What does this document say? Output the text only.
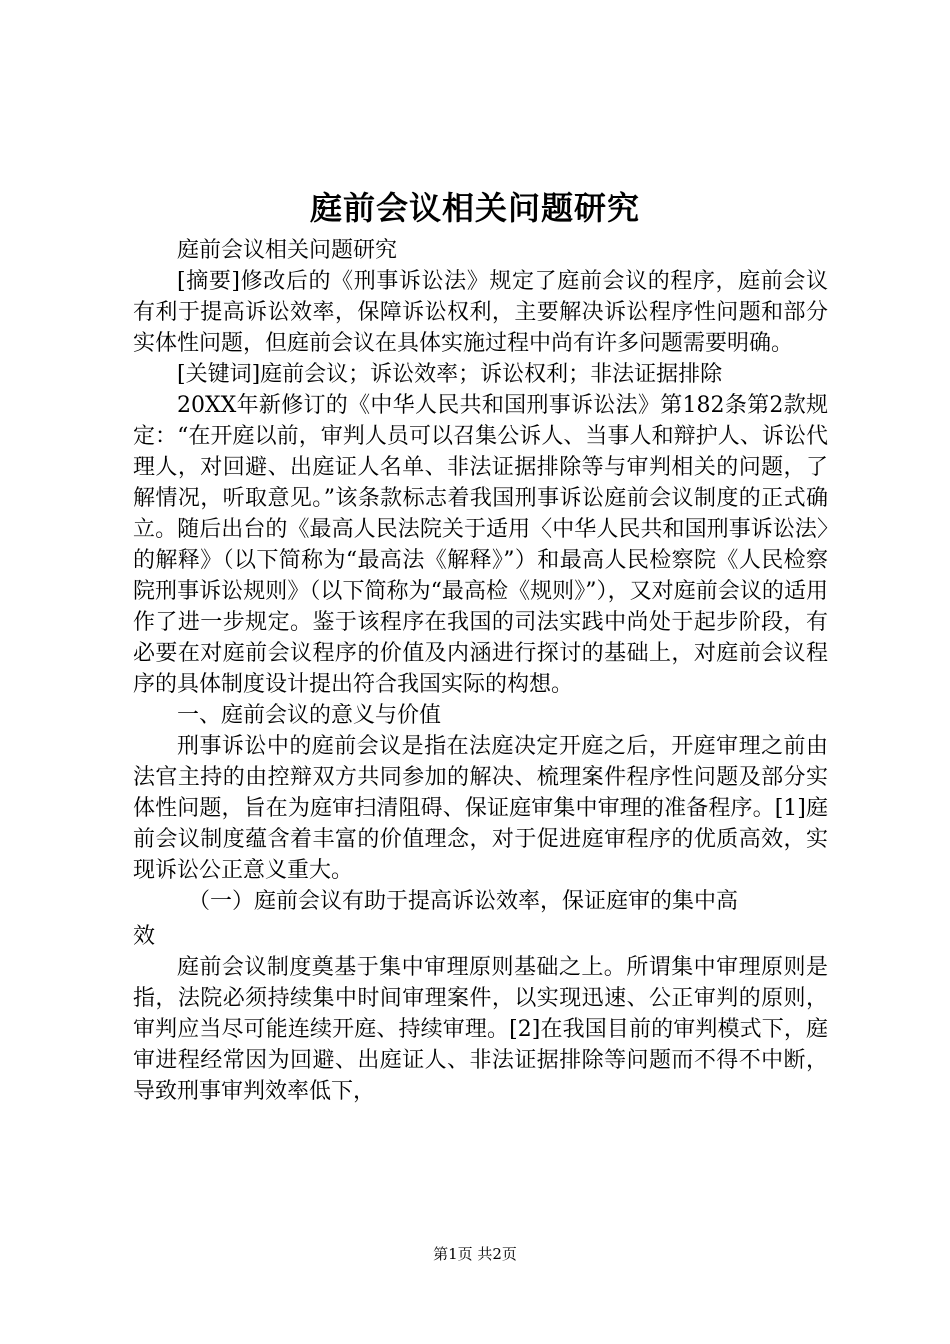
庭前会议相关问题研究

庭前会议相关问题研究

[摘要]修改后的《刑事诉讼法》规定了庭前会议的程序，庭前会议有利于提高诉讼效率，保障诉讼权利，主要解决诉讼程序性问题和部分实体性问题，但庭前会议在具体实施过程中尚有许多问题需要明确。

[关键词]庭前会议；诉讼效率；诉讼权利；非法证据排除

20XX年新修订的《中华人民共和国刑事诉讼法》第182条第2款规定：“在开庭以前，审判人员可以召集公诉人、当事人和辩护人、诉讼代理人，对回避、出庭证人名单、非法证据排除等与审判相关的问题，了解情况，听取意见。”该条款标志着我国刑事诉讼庭前会议制度的正式确立。随后出台的《最高人民法院关于适用〈中华人民共和国刑事诉讼法〉的解释》（以下简称为“最高法《解释》”）和最高人民检察院《人民检察院刑事诉讼规则》（以下简称为“最高检《规则》”），又对庭前会议的适用作了进一步规定。鉴于该程序在我国的司法实践中尚处于起步阶段，有必要在对庭前会议程序的价值及内涵进行探讨的基础上，对庭前会议程序的具体制度设计提出符合我国实际的构想。

一、庭前会议的意义与价值

刑事诉讼中的庭前会议是指在法庭决定开庭之后，开庭审理之前由法官主持的由控辩双方共同参加的解决、梳理案件程序性问题及部分实体性问题，旨在为庭审扫清阻碍、保证庭审集中审理的准备程序。[1]庭前会议制度蕴含着丰富的价值理念，对于促进庭审程序的优质高效，实现诉讼公正意义重大。

（一）庭前会议有助于提高诉讼效率，保证庭审的集中高
效

庭前会议制度奠基于集中审理原则基础之上。所谓集中审理原则是指，法院必须持续集中时间审理案件，以实现迅速、公正审判的原则，审判应当尽可能连续开庭、持续审理。[2]在我国目前的审判模式下，庭审进程经常因为回避、出庭证人、非法证据排除等问题而不得不中断，导致刑事审判效率低下，

第1页 共2页
